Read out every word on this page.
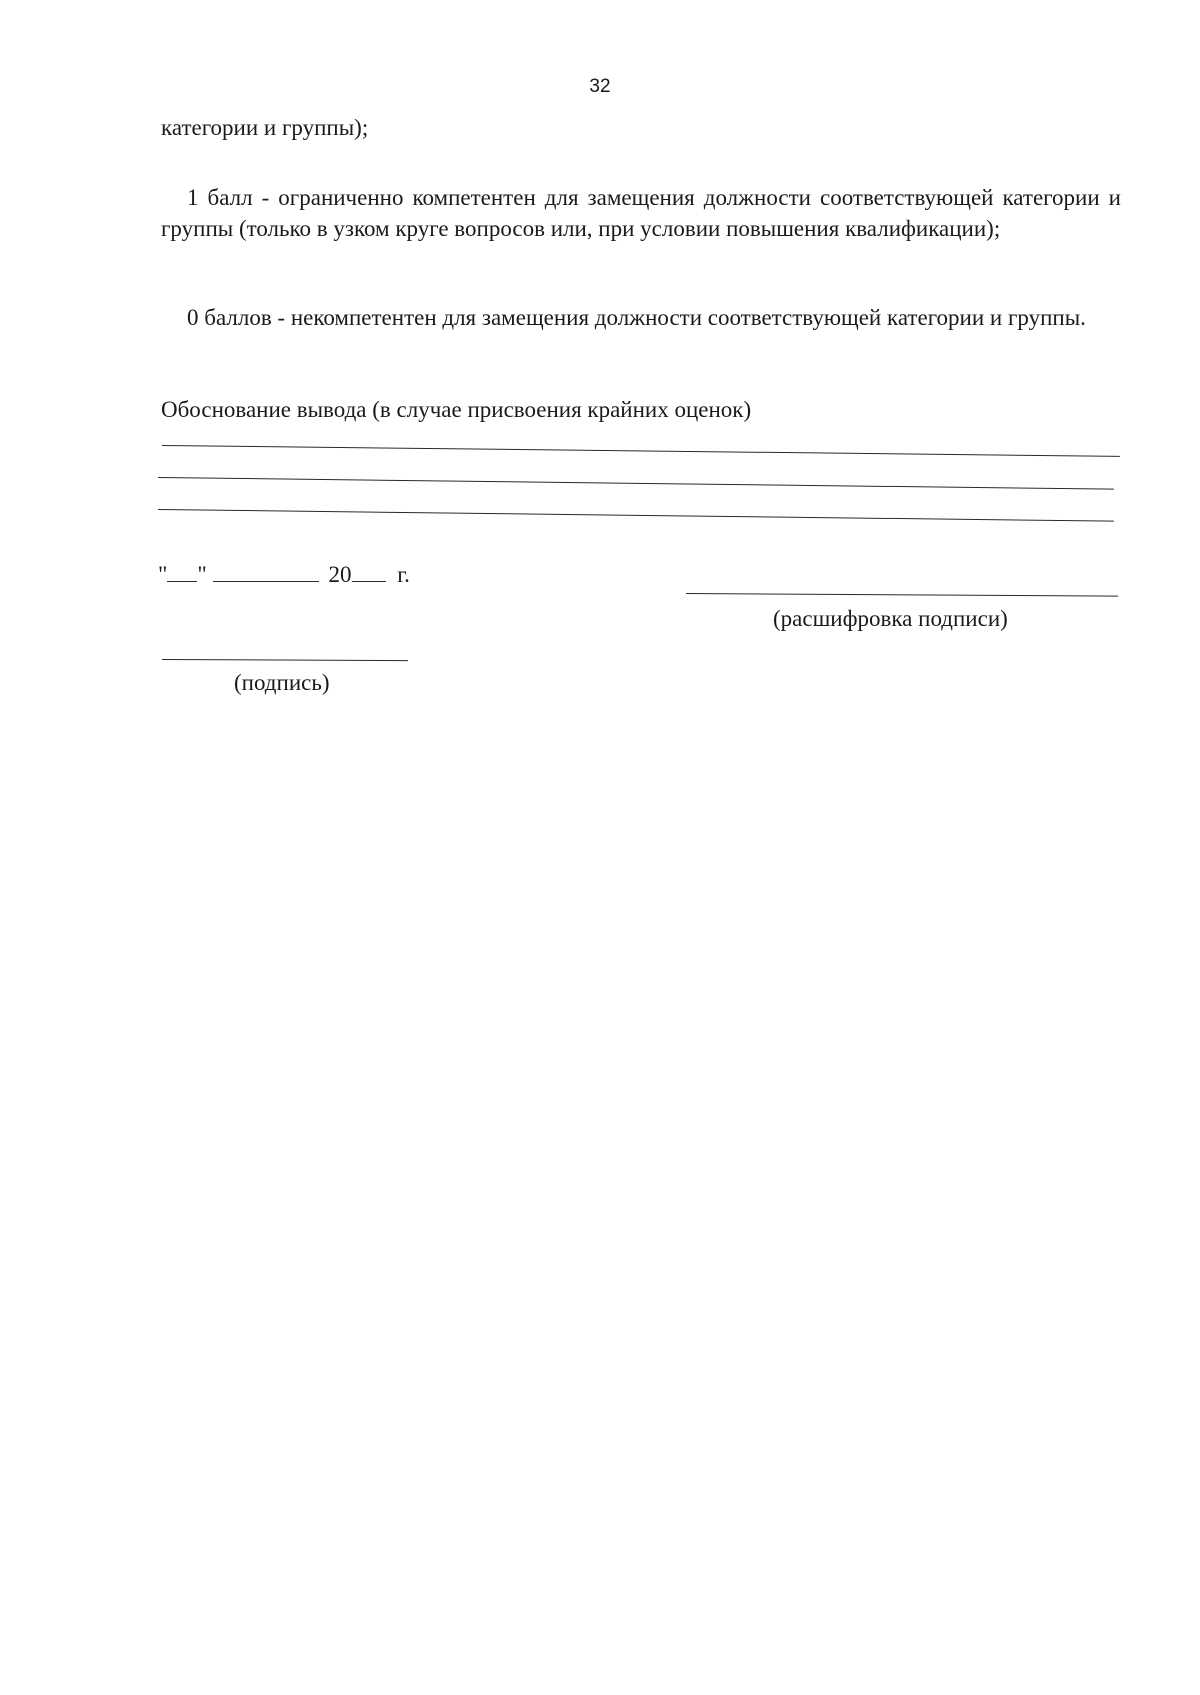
32
категории и группы);
1 балл - ограниченно компетентен для замещения должности соответствующей категории и группы (только в узком круге вопросов или, при условии повышения квалификации);
0 баллов - некомпетентен для замещения должности соответствующей категории и группы.
Обоснование вывода (в случае присвоения крайних оценок)
" "	20 г.
(расшифровка подписи)
(подпись)
